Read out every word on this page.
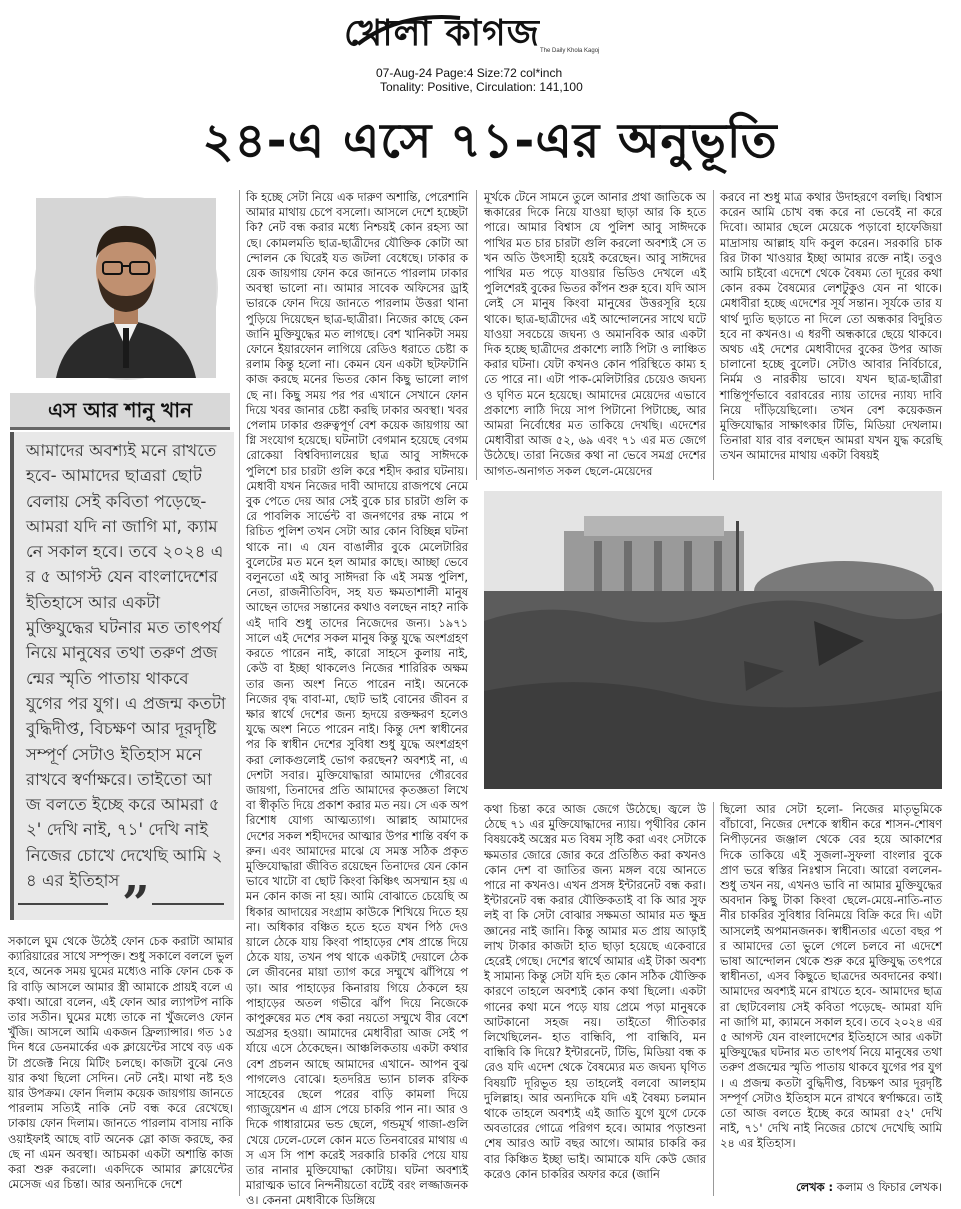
খোলা কাগজ The Daily Khola Kagoj
07-Aug-24 Page:4 Size:72 col*inch
Tonality: Positive, Circulation: 141,100
২৪-এ এসে ৭১-এর অনুভূতি
এস আর শানু খান
আমাদের অবশ্যই মনে রাখতে হবে- আমাদের ছাত্ররা ছোটবেলায় সেই কবিতা পড়েছে- আমরা যদি না জাগি মা, ক্যামনে সকাল হবে। তবে ২০২৪ এর ৫ আগস্ট যেন বাংলাদেশের ইতিহাসে আর একটা মুক্তিযুদ্ধের ঘটনার মত তাৎপর্য নিয়ে মানুষের তথা তরুণ প্রজন্মের স্মৃতি পাতায় থাকবে যুগের পর যুগ। এ প্রজন্ম কতটা বুদ্ধিদীপ্ত, বিচক্ষণ আর দূরদৃষ্টি সম্পূর্ণ সেটাও ইতিহাস মনে রাখবে স্বর্ণাক্ষরে। তাইতো আজ বলতে ইচ্ছে করে আমরা ৫২' দেখি নাই, ৭১' দেখি নাই নিজের চোখে দেখেছি আমি ২৪ এর ইতিহাস ”
সকালে ঘুম থেকে উঠেই ফোন চেক করাটা আমার ক্যারিয়ারের সাথে সম্পৃক্ত। শুধু সকালে বললে ভুল হবে, অনেক সময় ঘুমের মধ্যেও নাকি ফোন চেক করি বাড়ি আসলে আমার স্ত্রী আমাকে প্রায়ই বলে এ কথা। আরো বলেন, এই ফোন আর ল্যাপটপ নাকি তার সতীন। ঘুমের মধ্যে তাকে না খুঁজলেও ফোন খুঁজি। আসলে আমি একজন ফ্রিল্যান্সার। গত ১৫ দিন ধরে ডেনমার্কের এক ক্লায়েন্টের সাথে বড় একটা প্রজেক্ট নিয়ে মিটিং চলছে। কাজটা বুঝে নেওয়ার কথা ছিলো সেদিন। নেট নেই। মাথা নষ্ট হওয়ার উপক্রম। ফোন দিলাম কয়েক জায়গায় জানতে পারলাম সত্যিই নাকি নেট বন্ধ করে রেখেছে। ঢাকায় ফোন দিলাম। জানতে পারলাম বাসায় নাকি ওয়াইফাই আছে বাট অনেক স্লো কাজ করছে, করছে না এমন অবস্থা। আচমকা একটা অশান্তি কাজ করা শুরু করলো। একদিকে আমার ক্লায়েন্টের মেসেজ এর চিন্তা। আর অন্যদিকে দেশে
কি হচ্ছে সেটা নিয়ে এক দারুণ অশান্তি, পেরেশানি আমার মাথায় চেপে বসলো। আসলে দেশে হচ্ছেটা কি? নেট বন্ধ করার মধ্যে নিশ্চয়ই কোন রহস্য আছে। কোমলমতি ছাত্র-ছাত্রীদের যৌক্তিক কোটা আন্দোলন কে ঘিরেই যত জটলা বেধেছে। ঢাকার কয়েক জায়গায় ফোন করে জানতে পারলাম ঢাকার অবস্থা ভালো না। আমার সাবেক অফিসের ড্রাইভারকে ফোন দিয়ে জানতে পারলাম উত্তরা থানা পুড়িয়ে দিয়েছেন ছাত্র-ছাত্রীরা। নিজের কাছে কেন জানি মুক্তিযুদ্ধের মত লাগছে। বেশ খানিকটা সময় ফোনে ইয়ারফোন লাগিয়ে রেডিও ধরাতে চেষ্টা করলাম কিন্তু হলো না। কেমন যেন একটা ছটফটানি কাজ করছে মনের ভিতর কোন কিছু ভালো লাগছে না। কিছু সময় পর পর এখানে সেখানে ফোন দিয়ে খবর জানার চেষ্টা করছি ঢাকার অবস্থা। খবর পেলাম ঢাকার গুরুত্বপূর্ণ বেশ কয়েক জায়গায় আগ্নি সংযোগ হয়েছে। ঘটনাটা বেগমান হয়েছে বেগম রোকেয়া বিশ্ববিদ্যালয়ের ছাত্র আবু সাঈদকে পুলিশে চার চারটা গুলি করে শহীদ করার ঘটনায়। মেধাবী যখন নিজের দাবী আদায়ে রাজপথে নেমে বুক পেতে দেয় আর সেই বুকে চার চারটা গুলি করে পাবলিক সার্ভেন্ট বা জনগণের রক্ষ নামে পরিচিত পুলিশ তখন সেটা আর কোন বিচ্ছিন্ন ঘটনা থাকে না। এ যেন বাঙালীর বুকে মেলেটারির বুলেটের মত মনে হল আমার কাছে। আচ্ছা ভেবে বলুনতো এই আবু সাঈদরা কি এই সমস্ত পুলিশ, নেতা, রাজনীতিবিদ, সহ যত ক্ষমতাশালী মানুষ আছেন তাদের সন্তানের কথাও বলছেন নাহ? নাকি এই দাবি শুধু তাদের নিজেদের জন্য। ১৯৭১ সালে এই দেশের সকল মানুষ কিন্তু যুদ্ধে অংশগ্রহণ করতে পারেন নাই, কারো সাহসে কুলায় নাই, কেউ বা ইচ্ছা থাকলেও নিজের শারিরিক অক্ষমতার জন্য অংশ নিতে পারেন নাই। অনেকে নিজের বৃদ্ধ বাবা-মা, ছোট ভাই বোনের জীবন রক্ষার স্বার্থে দেশের জন্য হৃদয়ে রক্তক্ষরণ হলেও যুদ্ধে অংশ নিতে পারেন নাই। কিন্তু দেশ স্বাধীনের পর কি স্বাধীন দেশের সুবিধা শুধু যুদ্ধে অংশগ্রহণ করা লোকগুলোই ভোগ করছেন? অবশ্যই না, এ দেশটা সবার। মুক্তিযোদ্ধারা আমাদের গৌরবের জায়গা, তিনাদের প্রতি আমাদের কৃতজ্ঞতা লিখে বা স্বীকৃতি দিয়ে প্রকাশ করার মত নয়। সে এক অপরিশোধ যোগ্য আত্মত্যাগ। আল্লাহ আমাদের দেশের সকল শহীদদের আত্মার উপর শান্তি বর্ষণ করুন। এবং আমাদের মাঝে যে সমস্ত সঠিক প্রকৃত মুক্তিযোদ্ধারা জীবিত রয়েছেন তিনাদের যেন কোন ভাবে খাটো বা ছোট কিংবা কিঞ্চিৎ অসম্মান হয় এমন কোন কাজ না হয়। আমি বোঝাতে চেয়েছি অধিকার আদায়ের সংগ্রাম কাউকে শিখিয়ে দিতে হয় না। অধিকার বঞ্চিত হতে হতে যখন পিঠ দেওয়ালে ঠেকে যায় কিংবা পাহাড়ের শেষ প্রান্তে দিয়ে ঠেকে যায়, তখন পথ থাকে একটাই দেয়ালে ঠেকলে জীবনের মায়া ত্যাগ করে সম্মুখে ঝাঁপিয়ে পড়া। আর পাহাড়ের কিনারায় গিয়ে ঠেকলে হয় পাহাড়ের অতল গভীরে ঝাঁপ দিয়ে নিজেকে কাপুরুষের মত শেষ করা নয়তো সম্মুখে বীর বেশে অগ্রসর হওয়া। আমাদের মেধাবীরা আজ সেই পর্যায়ে এসে ঠেকেছেন। আঞ্চলিকতায় একটা কথার বেশ প্রচলন আছে আমাদের এখানে- আপন বুঝ পাগলেও বোঝে। হতদরিদ্র ভ্যান চালক রফিক সাহেবের ছেলে পরের বাড়ি কামলা দিয়ে গ্যাজুয়েশন এ গ্রাস পেয়ে চাকরি পান না। আর ও দিকে গাধারামের ভন্ড ছেলে, গন্ডমূর্খ গাজা-গুলি খেয়ে ঢেলে-ঢেলে কোন মতে তিনবারের মাথায় এস এস সি পাশ করেই সরকারি চাকরি পেয়ে যায় তার নানার মুক্তিযোদ্ধা কোটায়। ঘটনা অবশ্যই মারাত্মক ভাবে নিন্দনীয়তো বটেই বরং লজ্জাজনকও। কেননা মেধাবীকে ডিঙ্গিয়ে
মূর্খকে টেনে সামনে তুলে আনার প্রথা জাতিকে অন্ধকারের দিকে নিয়ে যাওয়া ছাড়া আর কি হতে পারে। আমার বিশ্বাস যে পুলিশ আবু সাঈদকে পাখির মত চার চারটা গুলি করলো অবশ্যই সে তখন অতি উৎসাহী হয়েই করেছেন। আবু সাঈদের পাখির মত পড়ে যাওয়ার ভিডিও দেখলে এই পুলিশেরই বুকের ভিতর কাঁপন শুরু হবে। যদি আসলেই সে মানুষ কিংবা মানুষের উত্তরসূরি হয়ে থাকে। ছাত্র-ছাত্রীদের এই আন্দোলনের সাথে ঘটে যাওয়া সবচেয়ে জঘন্য ও অমানবিক আর একটা দিক হচ্ছে ছাত্রীদের প্রকাশ্যে লাঠি পিটা ও লাঞ্চিত করার ঘটনা। যেটা কখনও কোন পরিস্থিতে কাম্য হতে পারে না। এটা পাক-মেলিটারির চেয়েও জঘন্য ও ঘৃণিত মনে হয়েছে। আমাদের মেয়েদের এভাবে প্রকাশ্যে লাঠি দিয়ে সাপ পিটানো পিটাচ্ছে, আর আমরা নির্বোধের মত তাকিয়ে দেখছি। এদেশের মেধাবীরা আজ ৫২, ৬৯ এবং ৭১ এর মত জেগে উঠেছে। তারা নিজের কথা না ভেবে সমগ্র দেশের আগত-অনাগত সকল ছেলে-মেয়েদের
করবে না শুধু মাত্র কথার উদাহরণে বলছি। বিশ্বাস করেন আমি চোখ বন্ধ করে না ভেবেই না করে দিবো। আমার ছেলে মেয়েকে পড়াবো হাফেজিয়া মাদ্রাসায় আল্লাহ যদি কবুল করেন। সরকারি চাকরির টাকা খাওয়ার ইচ্ছা আমার রক্তে নাই। তবুও আমি চাইবো এদেশে থেকে বৈষম্য তো দূরের কথা কোন রকম বৈষম্যের লেশটুকুও যেন না থাকে। মেধাবীরা হচ্ছে এদেশের সূর্য সন্তান। সূর্যকে তার যথার্থ দ্যুতি ছড়াতে না দিলে তো অন্ধকার বিদুরিত হবে না কখনও। এ ধরণী অন্ধকারে ছেয়ে থাকবে। অথচ এই দেশের মেধাবীদের বুকের উপর আজ চালানো হচ্ছে বুলেট। সেটাও আবার নির্বিচারে, নির্মম ও নারকীয় ভাবে। যখন ছাত্র-ছাত্রীরা শান্তিপূর্ণভাবে বরাবরের ন্যায় তাদের ন্যায্য দাবি নিয়ে দাঁড়িয়েছিলো। তখন বেশ কয়েকজন মুক্তিযোদ্ধার সাক্ষাৎকার টিভি, মিডিয়া দেখলাম। তিনারা যার বার বলছেন আমরা যখন যুদ্ধ করেছি তখন আমাদের মাথায় একটা বিষয়ই
কথা চিন্তা করে আজ জেগে উঠেছে। জ্বলে উঠেছে ৭১ এর মুক্তিযোদ্ধাদের ন্যায়। পৃথীবির কোন বিষয়কেই অস্ত্রের মত বিষম সৃষ্টি করা এবং সেটাকে ক্ষমতার জোরে জোর করে প্রতিষ্ঠিত করা কখনও কোন দেশ বা জাতির জন্য মঙ্গল বয়ে আনতে পারে না কখনও। এখন প্রসঙ্গ ইন্টারনেট বন্ধ করা। ইন্টারনেট বন্ধ করার যৌক্তিকতাই বা কি আর সুফলই বা কি সেটা বোঝার সক্ষমতা আমার মত ক্ষুদ্র জ্ঞানের নাই জানি। কিন্তু আমার মত প্রায় আড়াই লাখ টাকার কাজটা হাত ছাড়া হয়েছে একেবারে হেরেই গেছে। দেশের স্বার্থে আমার এই টাকা অবশ্যই সামান্য কিন্তু সেটা যদি হত কোন সঠিক যৌক্তিক কারণে তাহলে অবশ্যই কোন কথা ছিলো। একটা গানের কথা মনে পড়ে যায় প্রেমে পড়া মানুষকে আটকানো সহজ নয়। তাইতো গীতিকার লিখেছিলেন- হাত বান্ধিবি, পা বান্ধিবি, মন বান্ধিবি কি দিয়ে? ইন্টারনেট, টিভি, মিডিয়া বন্ধ করেও যদি এদেশ থেকে বৈষম্যের মত জঘন্য ঘৃণিত বিষয়টি দূরিভূত হয় তাহলেই বলবো আলহামদুলিল্লাহ। আর অন্যদিকে যদি এই বৈষম্য চলমান থাকে তাহলে অবশ্যই এই জাতি যুগে যুগে ঢেকে অবতারের গোত্রে পরিগণ হবে। আমার পড়াশুনা শেষ আরও আট বছর আগে। আমার চাকরি করবার কিঞ্চিত ইচ্ছা ভাই। আমাকে যদি কেউ জোর করেও কোন চাকরির অফার করে (জানি
ছিলো আর সেটা হলো- নিজের মাতৃভূমিকে বাঁচাবো, নিজের দেশকে স্বাধীন করে শাসন-শোষণ নিপীড়নের জঞ্জাল থেকে বের হয়ে আকাশের দিকে তাকিয়ে এই সুজলা-সুফলা বাংলার বুকে প্রাণ ভরে স্বস্তির নিঃশ্বাস নিবো। আরো বললেন- শুধু তখন নয়, এখনও ভাবি না আমার মুক্তিযুদ্ধের অবদান কিছু টাকা কিংবা ছেলে-মেয়ে-নাতি-নাতনীর চাকরির সুবিধার বিনিময়ে বিক্রি করে দি। এটা আসলেই অপমানজনক। স্বাধীনতার এতো বছর পর আমাদের তো ভুলে গেলে চলবে না এদেশে ভাষা আন্দোলন থেকে শুরু করে মুক্তিযুদ্ধ তৎপরে স্বাধীনতা, এসব কিছুতে ছাত্রদের অবদানের কথা। আমাদের অবশ্যই মনে রাখতে হবে- আমাদের ছাত্ররা ছোটবেলায় সেই কবিতা পড়েছে- আমরা যদি না জাগি মা, ক্যামনে সকাল হবে। তবে ২০২৪ এর ৫ আগস্ট যেন বাংলাদেশের ইতিহাসে আর একটা মুক্তিযুদ্ধের ঘটনার মত তাৎপর্য নিয়ে মানুষের তথা তরুণ প্রজন্মের স্মৃতি পাতায় থাকবে যুগের পর যুগ। এ প্রজন্ম কতটা বুদ্ধিদীপ্ত, বিচক্ষণ আর দূরদৃষ্টি সম্পূর্ণ সেটাও ইতিহাস মনে রাখবে স্বর্ণাক্ষরে। তাইতো আজ বলতে ইচ্ছে করে আমরা ৫২' দেখি নাই, ৭১' দেখি নাই নিজের চোখে দেখেছি আমি ২৪ এর ইতিহাস।
লেখক : কলাম ও ফিচার লেখক।
